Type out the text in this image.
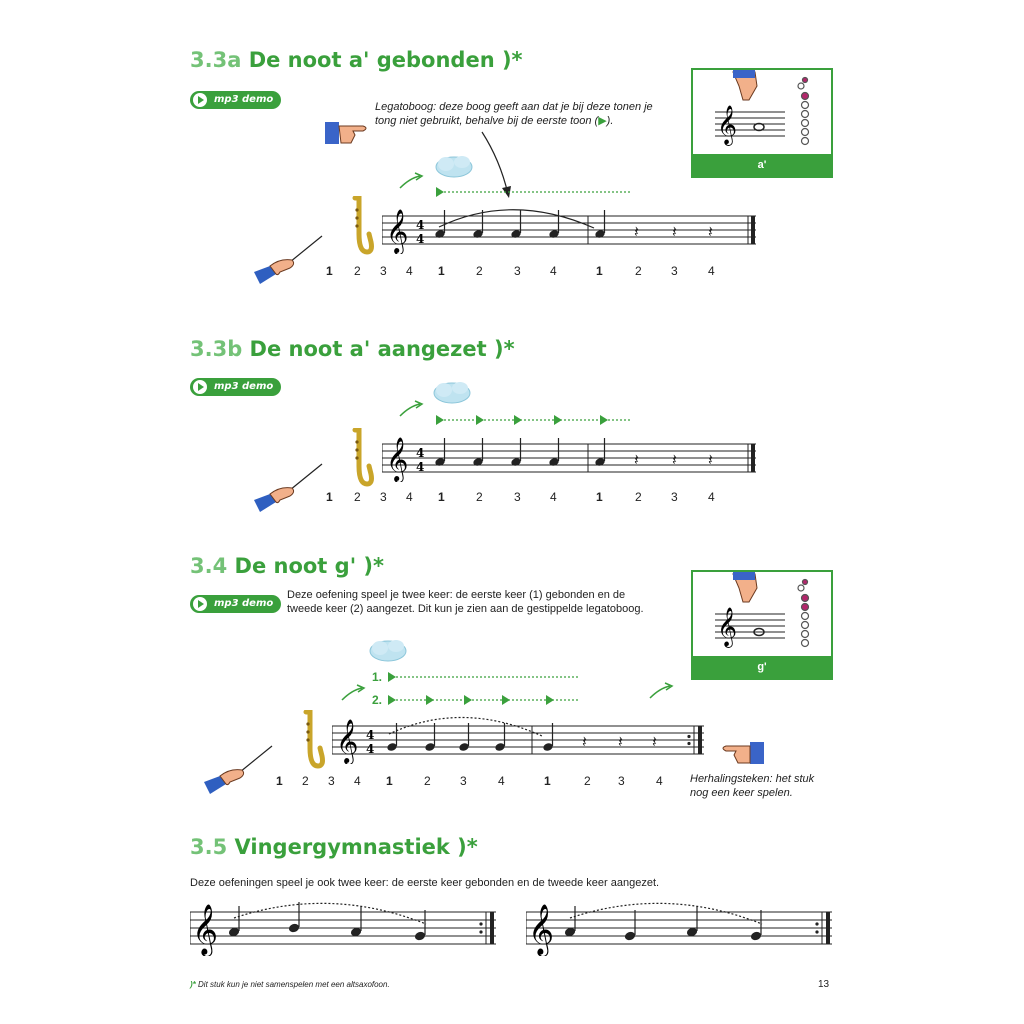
3.3a De noot a' gebonden )*
mp3 demo
Legatoboog: deze boog geeft aan dat je bij deze tonen je tong niet gebruikt, behalve bij de eerste toon (▶).
𝄞 4
4	𝄽 𝄽 𝄽
1 2 3 4 1	2	3 4	1	2 3	4
𝄞
a'
3.3b De noot a' aangezet )*
mp3 demo
𝄞 4
4	𝄽 𝄽 𝄽
1 2 3 4 1	2	3 4	1	2 3	4
3.4 De noot g' )*
mp3 demo
Deze oefening speel je twee keer: de eerste keer (1) gebonden en de tweede keer (2) aangezet. Dit kun je zien aan de gestippelde legatoboog.
1.
2.
𝄞 4
4	𝄽 𝄽 𝄽
1 2 3 4 1	2 3	4	1	2 3	4 Herhalingsteken: het stuk nog een keer spelen.
𝄞
g'
3.5 Vingergymnastiek )*
Deze oefeningen speel je ook twee keer: de eerste keer gebonden en de tweede keer aangezet.
𝄞	𝄞
)* Dit stuk kun je niet samenspelen met een altsaxofoon.	13
